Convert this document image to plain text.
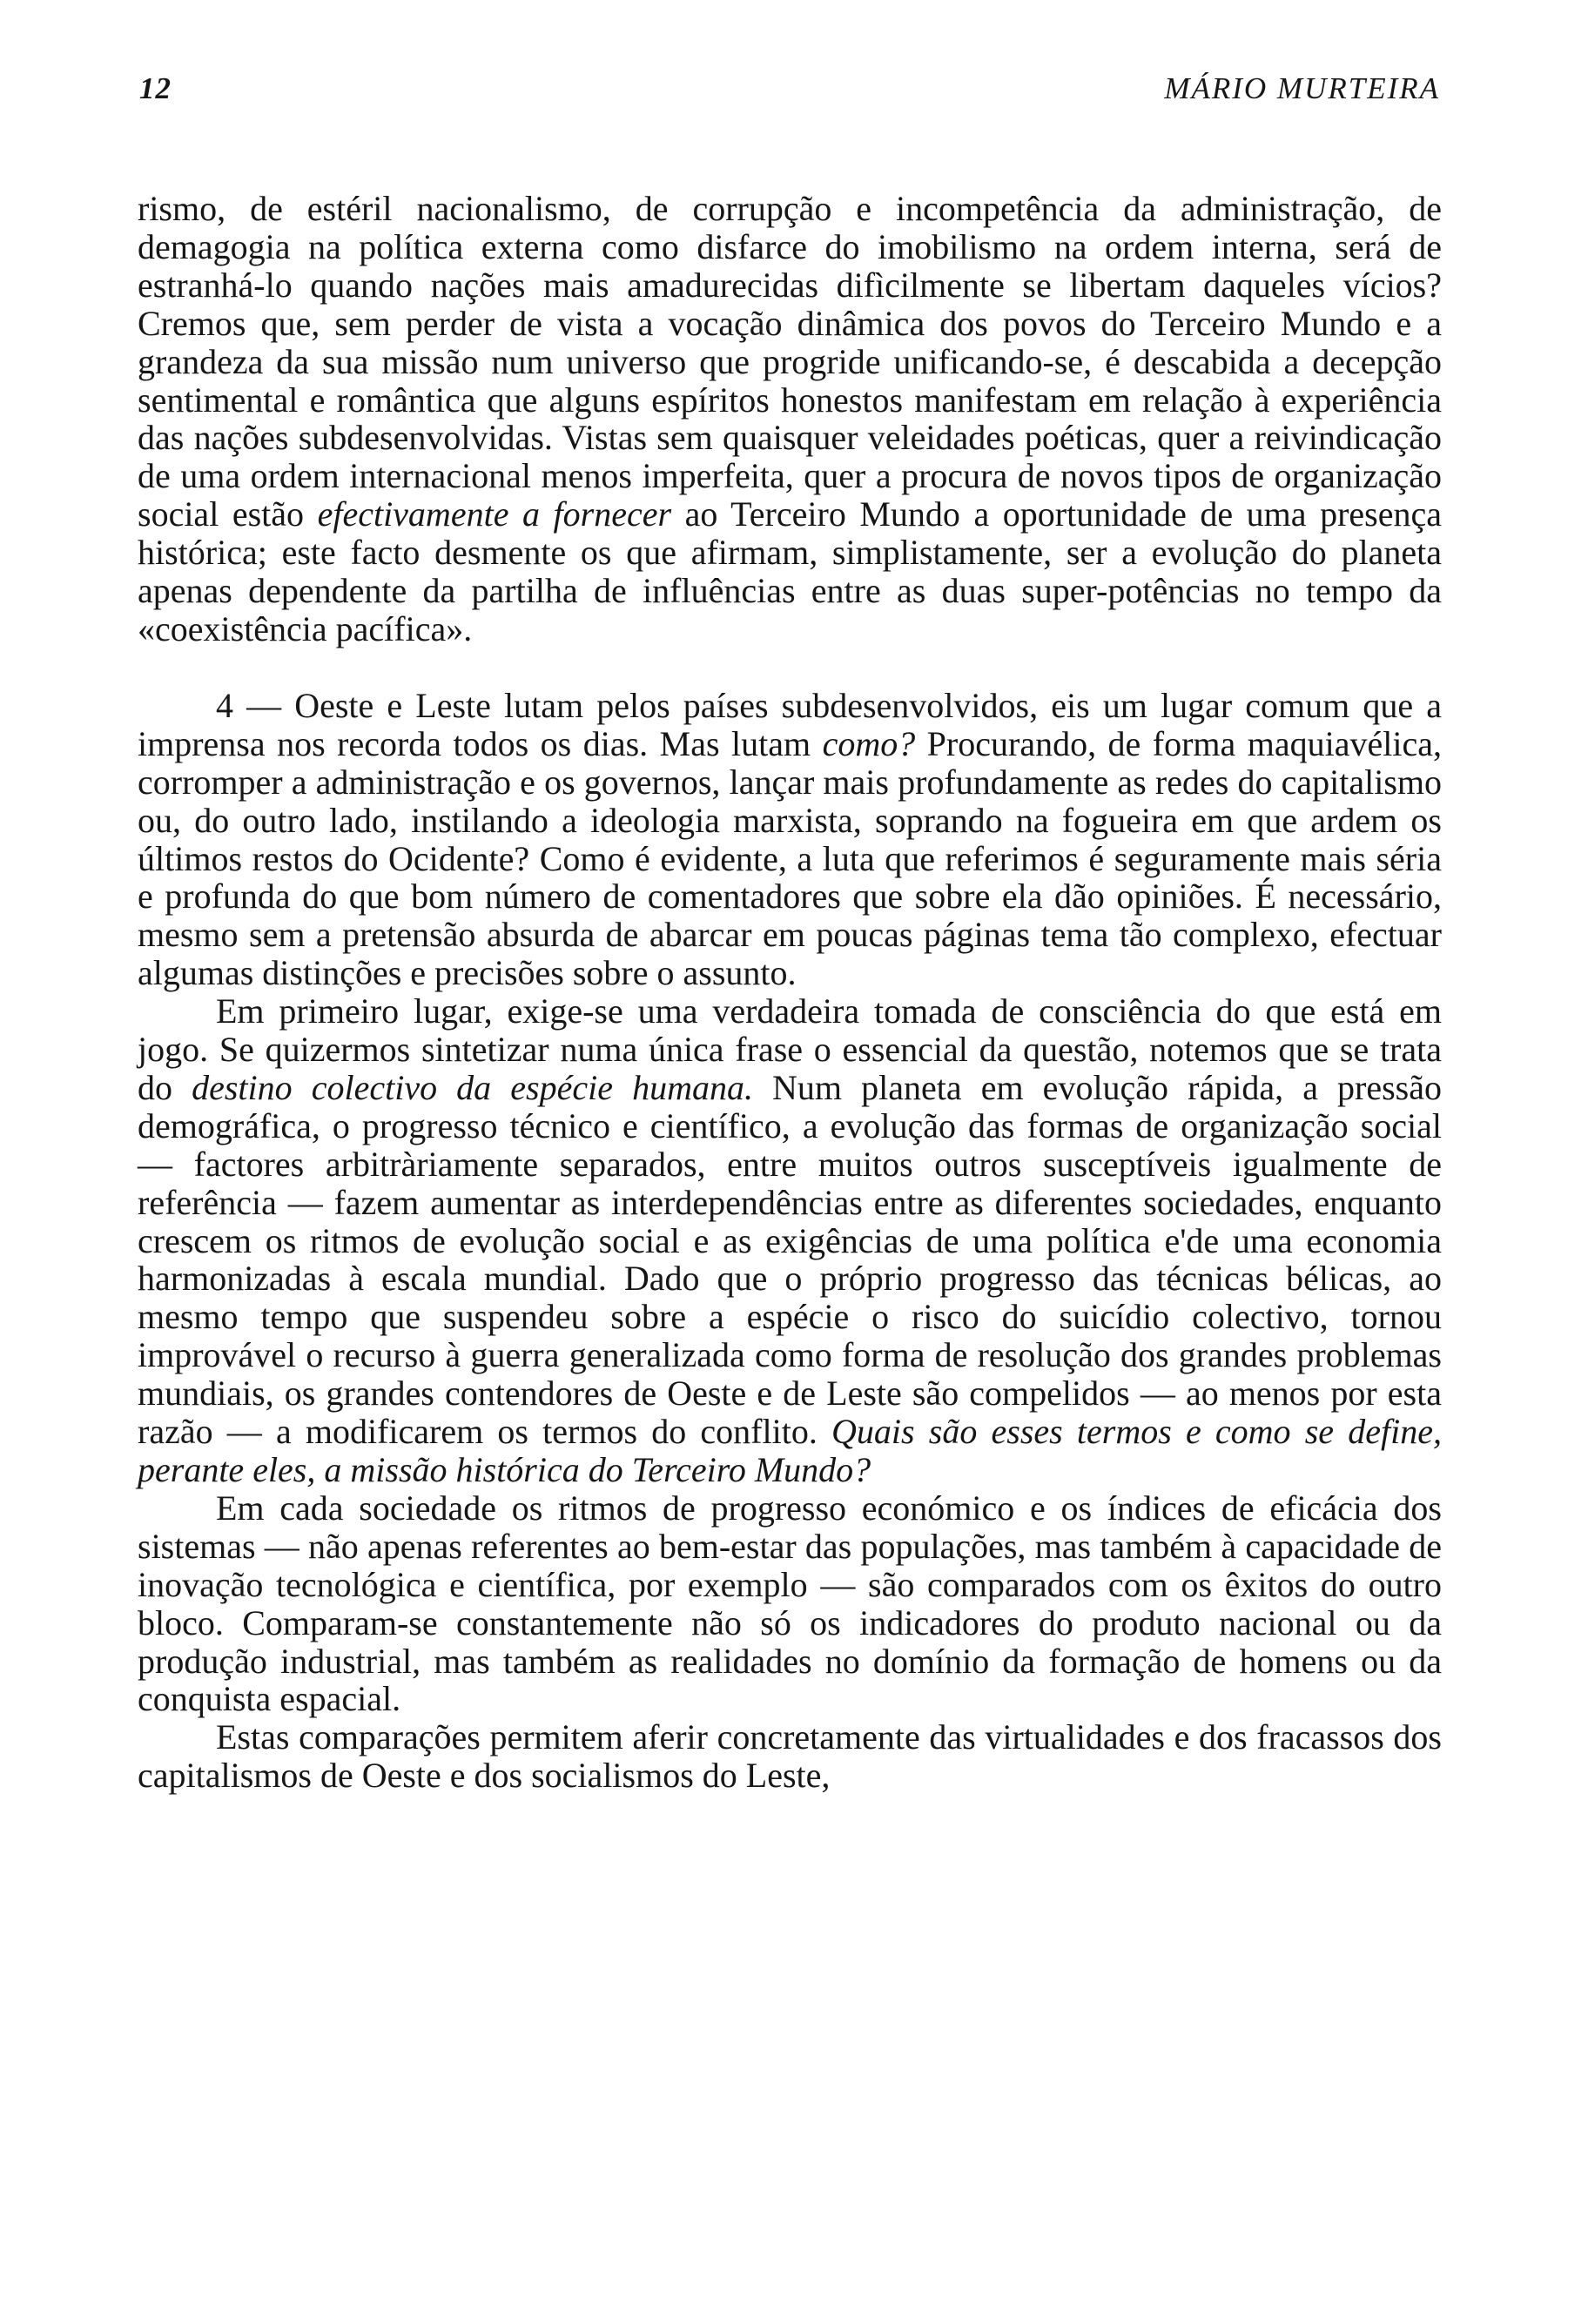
12	MÁRIO MURTEIRA

rismo, de estéril nacionalismo, de corrupção e incompetência da administração, de demagogia na política externa como disfarce do imobilismo na ordem interna, será de estranhá-lo quando nações mais amadurecidas difìcilmente se libertam daqueles vícios? Cremos que, sem perder de vista a vocação dinâmica dos povos do Terceiro Mundo e a grandeza da sua missão num universo que progride unificando-se, é descabida a decepção sentimental e romântica que alguns espíritos honestos manifestam em relação à experiência das nações subdesenvolvidas. Vistas sem quaisquer veleidades poéticas, quer a reivindicação de uma ordem internacional menos imperfeita, quer a procura de novos tipos de organização social estão efectivamente a fornecer ao Terceiro Mundo a oportunidade de uma presença histórica; este facto desmente os que afirmam, simplistamente, ser a evolução do planeta apenas dependente da partilha de influências entre as duas super-potências no tempo da «coexistência pacífica».

4 — Oeste e Leste lutam pelos países subdesenvolvidos, eis um lugar comum que a imprensa nos recorda todos os dias. Mas lutam como? Procurando, de forma maquiavélica, corromper a administração e os governos, lançar mais profundamente as redes do capitalismo ou, do outro lado, instilando a ideologia marxista, soprando na fogueira em que ardem os últimos restos do Ocidente? Como é evidente, a luta que referimos é seguramente mais séria e profunda do que bom número de comentadores que sobre ela dão opiniões. É necessário, mesmo sem a pretensão absurda de abarcar em poucas páginas tema tão complexo, efectuar algumas distinções e precisões sobre o assunto.

Em primeiro lugar, exige-se uma verdadeira tomada de consciência do que está em jogo. Se quizermos sintetizar numa única frase o essencial da questão, notemos que se trata do destino colectivo da espécie humana. Num planeta em evolução rápida, a pressão demográfica, o progresso técnico e científico, a evolução das formas de organização social — factores arbitràriamente separados, entre muitos outros susceptíveis igualmente de referência — fazem aumentar as interdependências entre as diferentes sociedades, enquanto crescem os ritmos de evolução social e as exigências de uma política e'de uma economia harmonizadas à escala mundial. Dado que o próprio progresso das técnicas bélicas, ao mesmo tempo que suspendeu sobre a espécie o risco do suicídio colectivo, tornou improvável o recurso à guerra generalizada como forma de resolução dos grandes problemas mundiais, os grandes contendores de Oeste e de Leste são compelidos — ao menos por esta razão — a modificarem os termos do conflito. Quais são esses termos e como se define, perante eles, a missão histórica do Terceiro Mundo?

Em cada sociedade os ritmos de progresso económico e os índices de eficácia dos sistemas — não apenas referentes ao bem-estar das populações, mas também à capacidade de inovação tecnológica e científica, por exemplo — são comparados com os êxitos do outro bloco. Comparam-se constantemente não só os indicadores do produto nacional ou da produção industrial, mas também as realidades no domínio da formação de homens ou da conquista espacial.

Estas comparações permitem aferir concretamente das virtualidades e dos fracassos dos capitalismos de Oeste e dos socialismos do Leste,
